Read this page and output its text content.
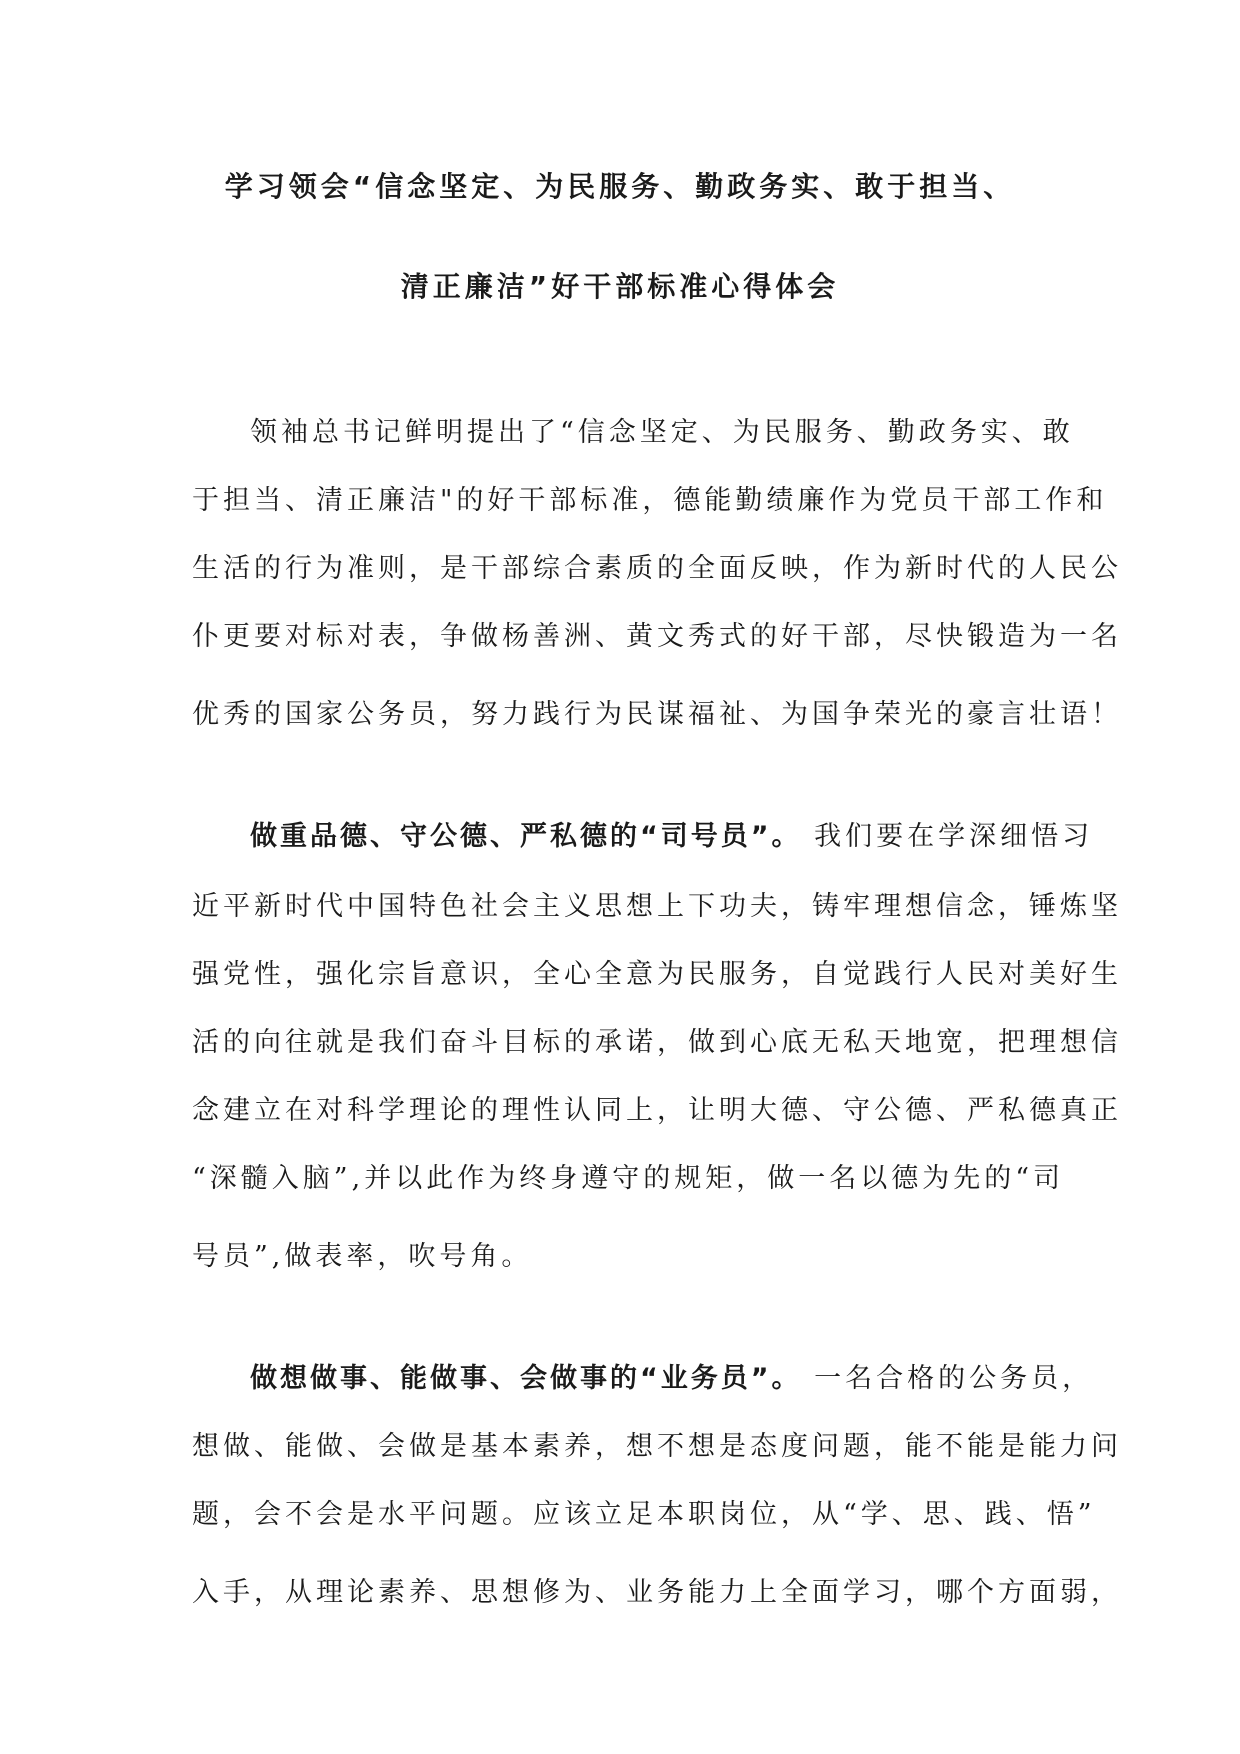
学习领会“信念坚定、为民服务、勤政务实、敢于担当、
清正廉洁”好干部标准心得体会
领袖总书记鲜明提出了“信念坚定、为民服务、勤政务实、敢
于担当、清正廉洁"的好干部标准，德能勤绩廉作为党员干部工作和
生活的行为准则，是干部综合素质的全面反映，作为新时代的人民公
仆更要对标对表，争做杨善洲、黄文秀式的好干部，尽快锻造为一名
优秀的国家公务员，努力践行为民谋福祉、为国争荣光的豪言壮语！
做重品德、守公德、严私德的“司号员”。 我们要在学深细悟习
近平新时代中国特色社会主义思想上下功夫，铸牢理想信念，锤炼坚
强党性，强化宗旨意识，全心全意为民服务，自觉践行人民对美好生
活的向往就是我们奋斗目标的承诺，做到心底无私天地宽，把理想信
念建立在对科学理论的理性认同上，让明大德、守公德、严私德真正
“深髓入脑”,并以此作为终身遵守的规矩，做一名以德为先的“司
号员”,做表率，吹号角。
做想做事、能做事、会做事的“业务员”。 一名合格的公务员，
想做、能做、会做是基本素养，想不想是态度问题，能不能是能力问
题，会不会是水平问题。应该立足本职岗位，从“学、思、践、悟”
入手，从理论素养、思想修为、业务能力上全面学习，哪个方面弱，
